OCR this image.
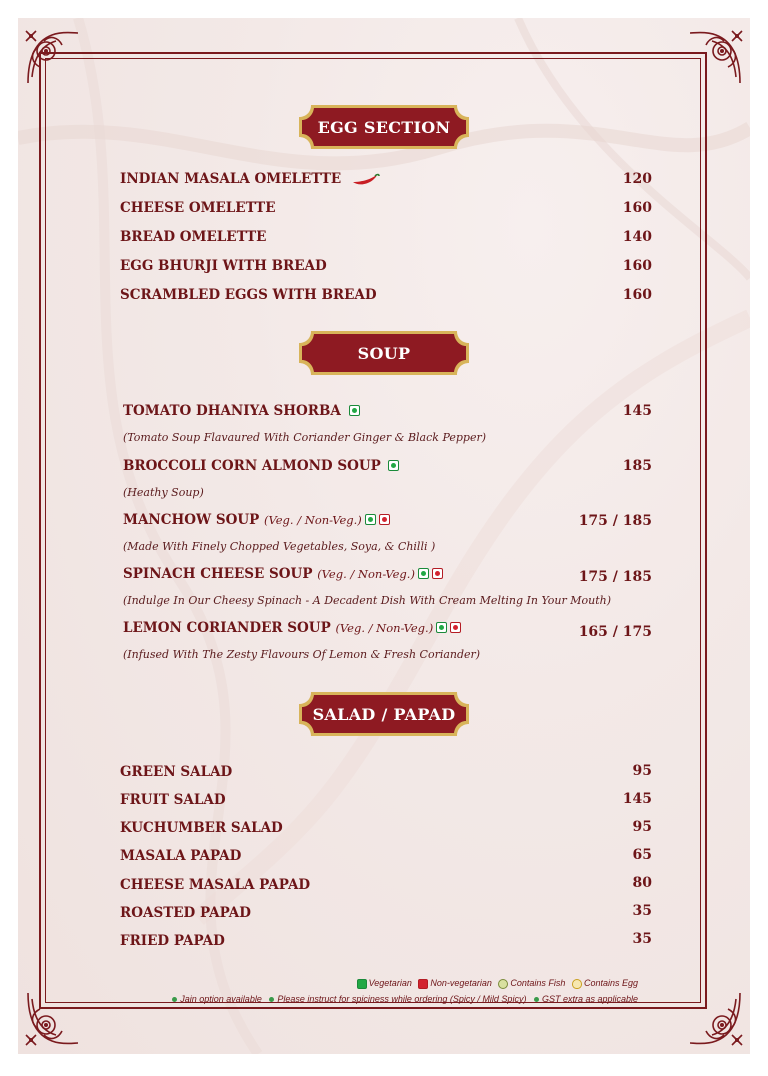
EGG SECTION
SOUP
SALAD / PAPAD
INDIAN MASALA OMELETTE	120
CHEESE OMELETTE	160
BREAD OMELETTE	140
EGG BHURJI WITH BREAD	160
SCRAMBLED EGGS WITH BREAD	160
TOMATO DHANIYA SHORBA	145
(Tomato Soup Flavaured With Coriander Ginger & Black Pepper)
BROCCOLI CORN ALMOND SOUP	185
(Heathy Soup)
MANCHOW SOUP (Veg. / Non-Veg.)	175 / 185
(Made With Finely Chopped Vegetables, Soya, & Chilli )
SPINACH CHEESE SOUP (Veg. / Non-Veg.)	175 / 185
(Indulge In Our Cheesy Spinach - A Decadent Dish With Cream Melting In Your Mouth)
LEMON CORIANDER SOUP (Veg. / Non-Veg.)	165 / 175
(Infused With The Zesty Flavours Of Lemon & Fresh Coriander)
GREEN SALAD	95
FRUIT SALAD	145
KUCHUMBER SALAD	95
MASALA PAPAD	65
CHEESE MASALA PAPAD	80
ROASTED PAPAD	35
FRIED PAPAD	35
Vegetarian Non-vegetarian Contains Fish Contains Egg
Jain option available Please instruct for spiciness while ordering (Spicy / Mild Spicy) GST extra as applicable
